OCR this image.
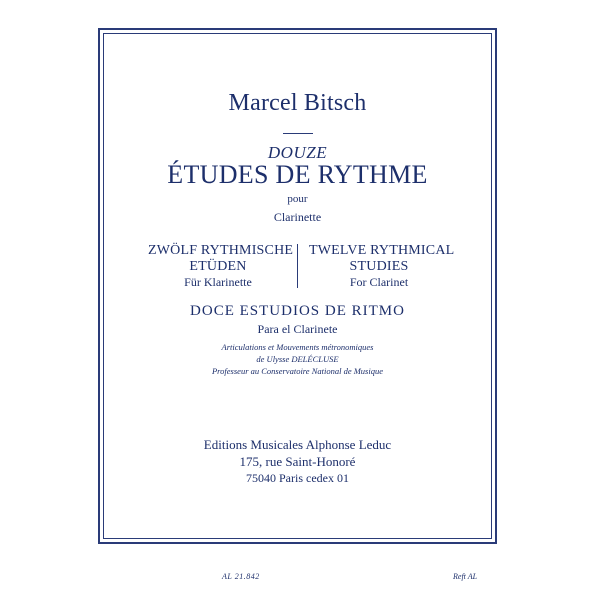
Marcel Bitsch
DOUZE
ÉTUDES DE RYTHME
pour
Clarinette
ZWÖLF RYTHMISCHE
ETÜDEN
Für Klarinette
TWELVE RYTHMICAL
STUDIES
For Clarinet
DOCE ESTUDIOS DE RITMO
Para el Clarinete
Articulations et Mouvements métronomiques
de Ulysse DELÉCLUSE
Professeur au Conservatoire National de Musique
Editions Musicales Alphonse Leduc
175, rue Saint-Honoré
75040 Paris cedex 01
AL 21.842	Reft AL
